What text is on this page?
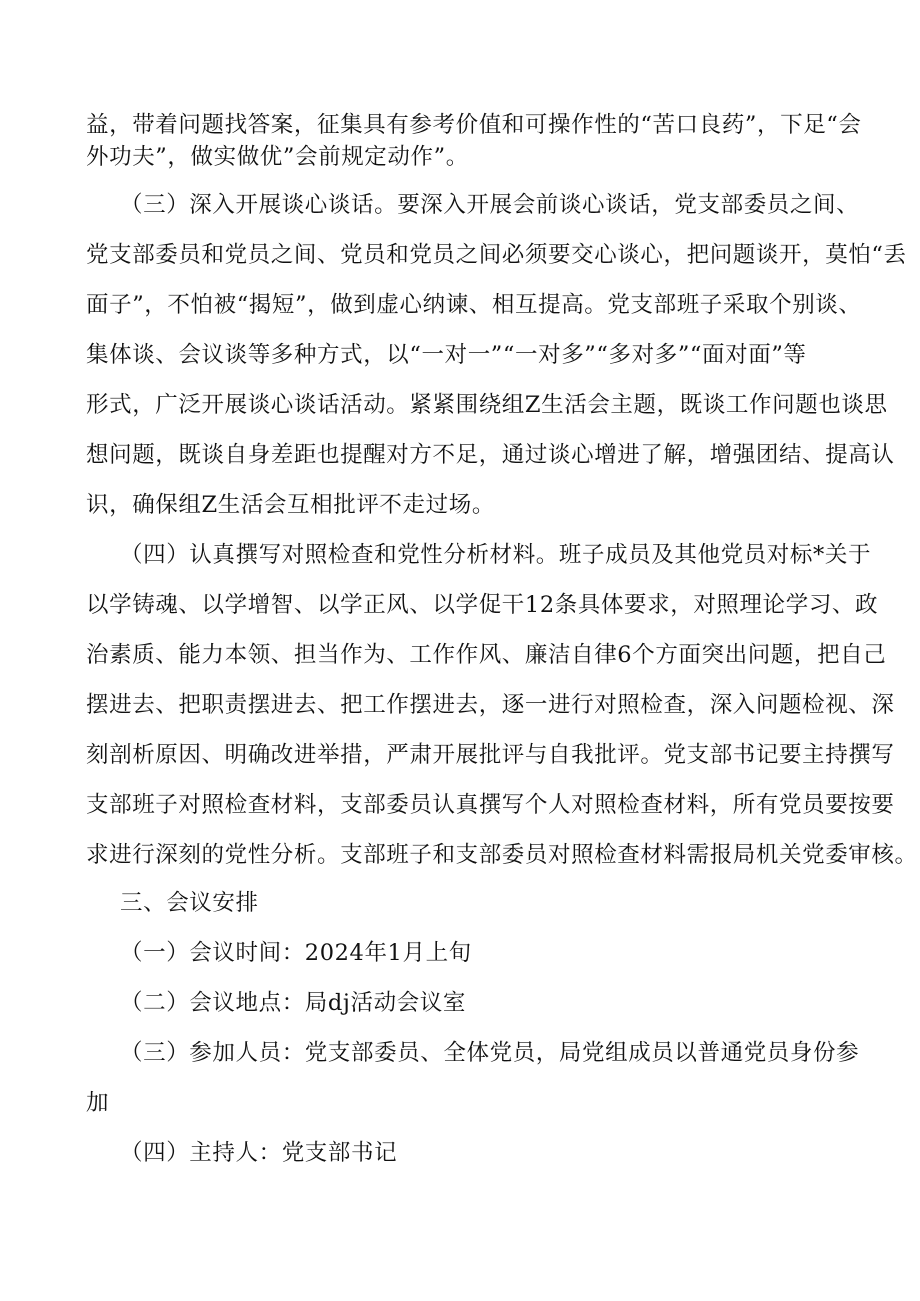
益，带着问题找答案，征集具有参考价值和可操作性的“苦口良药”，下足“会
外功夫”，做实做优”会前规定动作”。
（三）深入开展谈心谈话。要深入开展会前谈心谈话，党支部委员之间、
党支部委员和党员之间、党员和党员之间必须要交心谈心，把问题谈开，莫怕“丢
面子”，不怕被“揭短”，做到虚心纳谏、相互提高。党支部班子采取个别谈、
集体谈、会议谈等多种方式，以“一对一”“一对多”“多对多”“面对面”等
形式，广泛开展谈心谈话活动。紧紧围绕组Z生活会主题，既谈工作问题也谈思
想问题，既谈自身差距也提醒对方不足，通过谈心增进了解，增强团结、提高认
识，确保组Z生活会互相批评不走过场。
（四）认真撰写对照检查和党性分析材料。班子成员及其他党员对标*关于
以学铸魂、以学增智、以学正风、以学促干12条具体要求，对照理论学习、政
治素质、能力本领、担当作为、工作作风、廉洁自律6个方面突出问题，把自己
摆进去、把职责摆进去、把工作摆进去，逐一进行对照检查，深入问题检视、深
刻剖析原因、明确改进举措，严肃开展批评与自我批评。党支部书记要主持撰写
支部班子对照检查材料，支部委员认真撰写个人对照检查材料，所有党员要按要
求进行深刻的党性分析。支部班子和支部委员对照检查材料需报局机关党委审核。
三、会议安排
（一）会议时间：2024年1月上旬
（二）会议地点：局dj活动会议室
（三）参加人员：党支部委员、全体党员，局党组成员以普通党员身份参
加
（四）主持人：党支部书记
